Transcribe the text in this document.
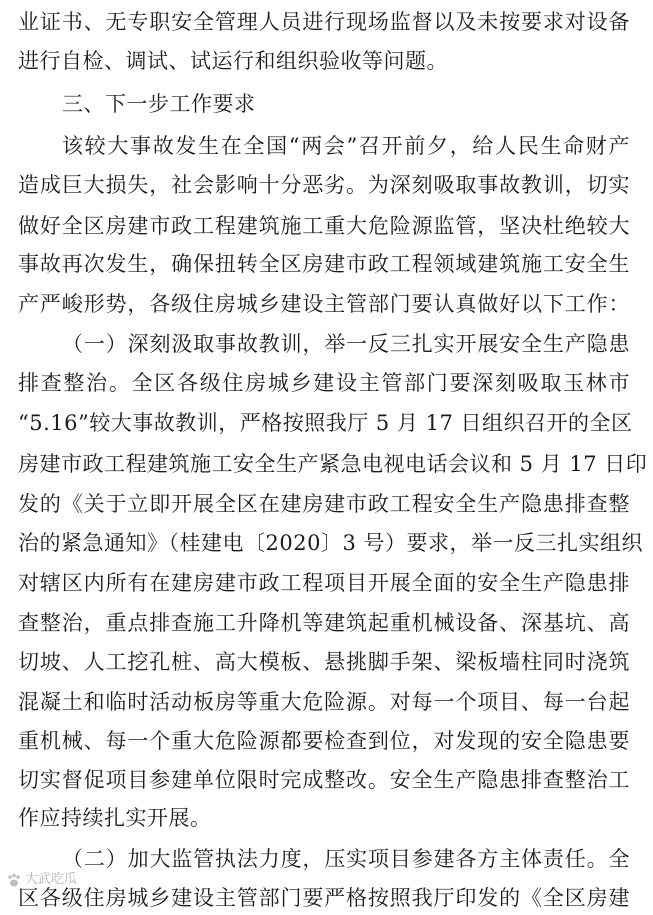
业证书、无专职安全管理人员进行现场监督以及未按要求对设备
进行自检、调试、试运行和组织验收等问题。
三、下一步工作要求
该较大事故发生在全国“两会”召开前夕，给人民生命财产
造成巨大损失，社会影响十分恶劣。为深刻吸取事故教训，切实
做好全区房建市政工程建筑施工重大危险源监管，坚决杜绝较大
事故再次发生，确保扭转全区房建市政工程领域建筑施工安全生
产严峻形势，各级住房城乡建设主管部门要认真做好以下工作：
（一）深刻汲取事故教训，举一反三扎实开展安全生产隐患
排查整治。全区各级住房城乡建设主管部门要深刻吸取玉林市
“5.16”较大事故教训，严格按照我厅 5 月 17 日组织召开的全区
房建市政工程建筑施工安全生产紧急电视电话会议和 5 月 17 日印
发的《关于立即开展全区在建房建市政工程安全生产隐患排查整
治的紧急通知》（桂建电〔2020〕3 号）要求，举一反三扎实组织
对辖区内所有在建房建市政工程项目开展全面的安全生产隐患排
查整治，重点排查施工升降机等建筑起重机械设备、深基坑、高
切坡、人工挖孔桩、高大模板、悬挑脚手架、梁板墙柱同时浇筑
混凝土和临时活动板房等重大危险源。对每一个项目、每一台起
重机械、每一个重大危险源都要检查到位，对发现的安全隐患要
切实督促项目参建单位限时完成整改。安全生产隐患排查整治工
作应持续扎实开展。
（二）加大监管执法力度，压实项目参建各方主体责任。全
区各级住房城乡建设主管部门要严格按照我厅印发的《全区房建
大武吃瓜
